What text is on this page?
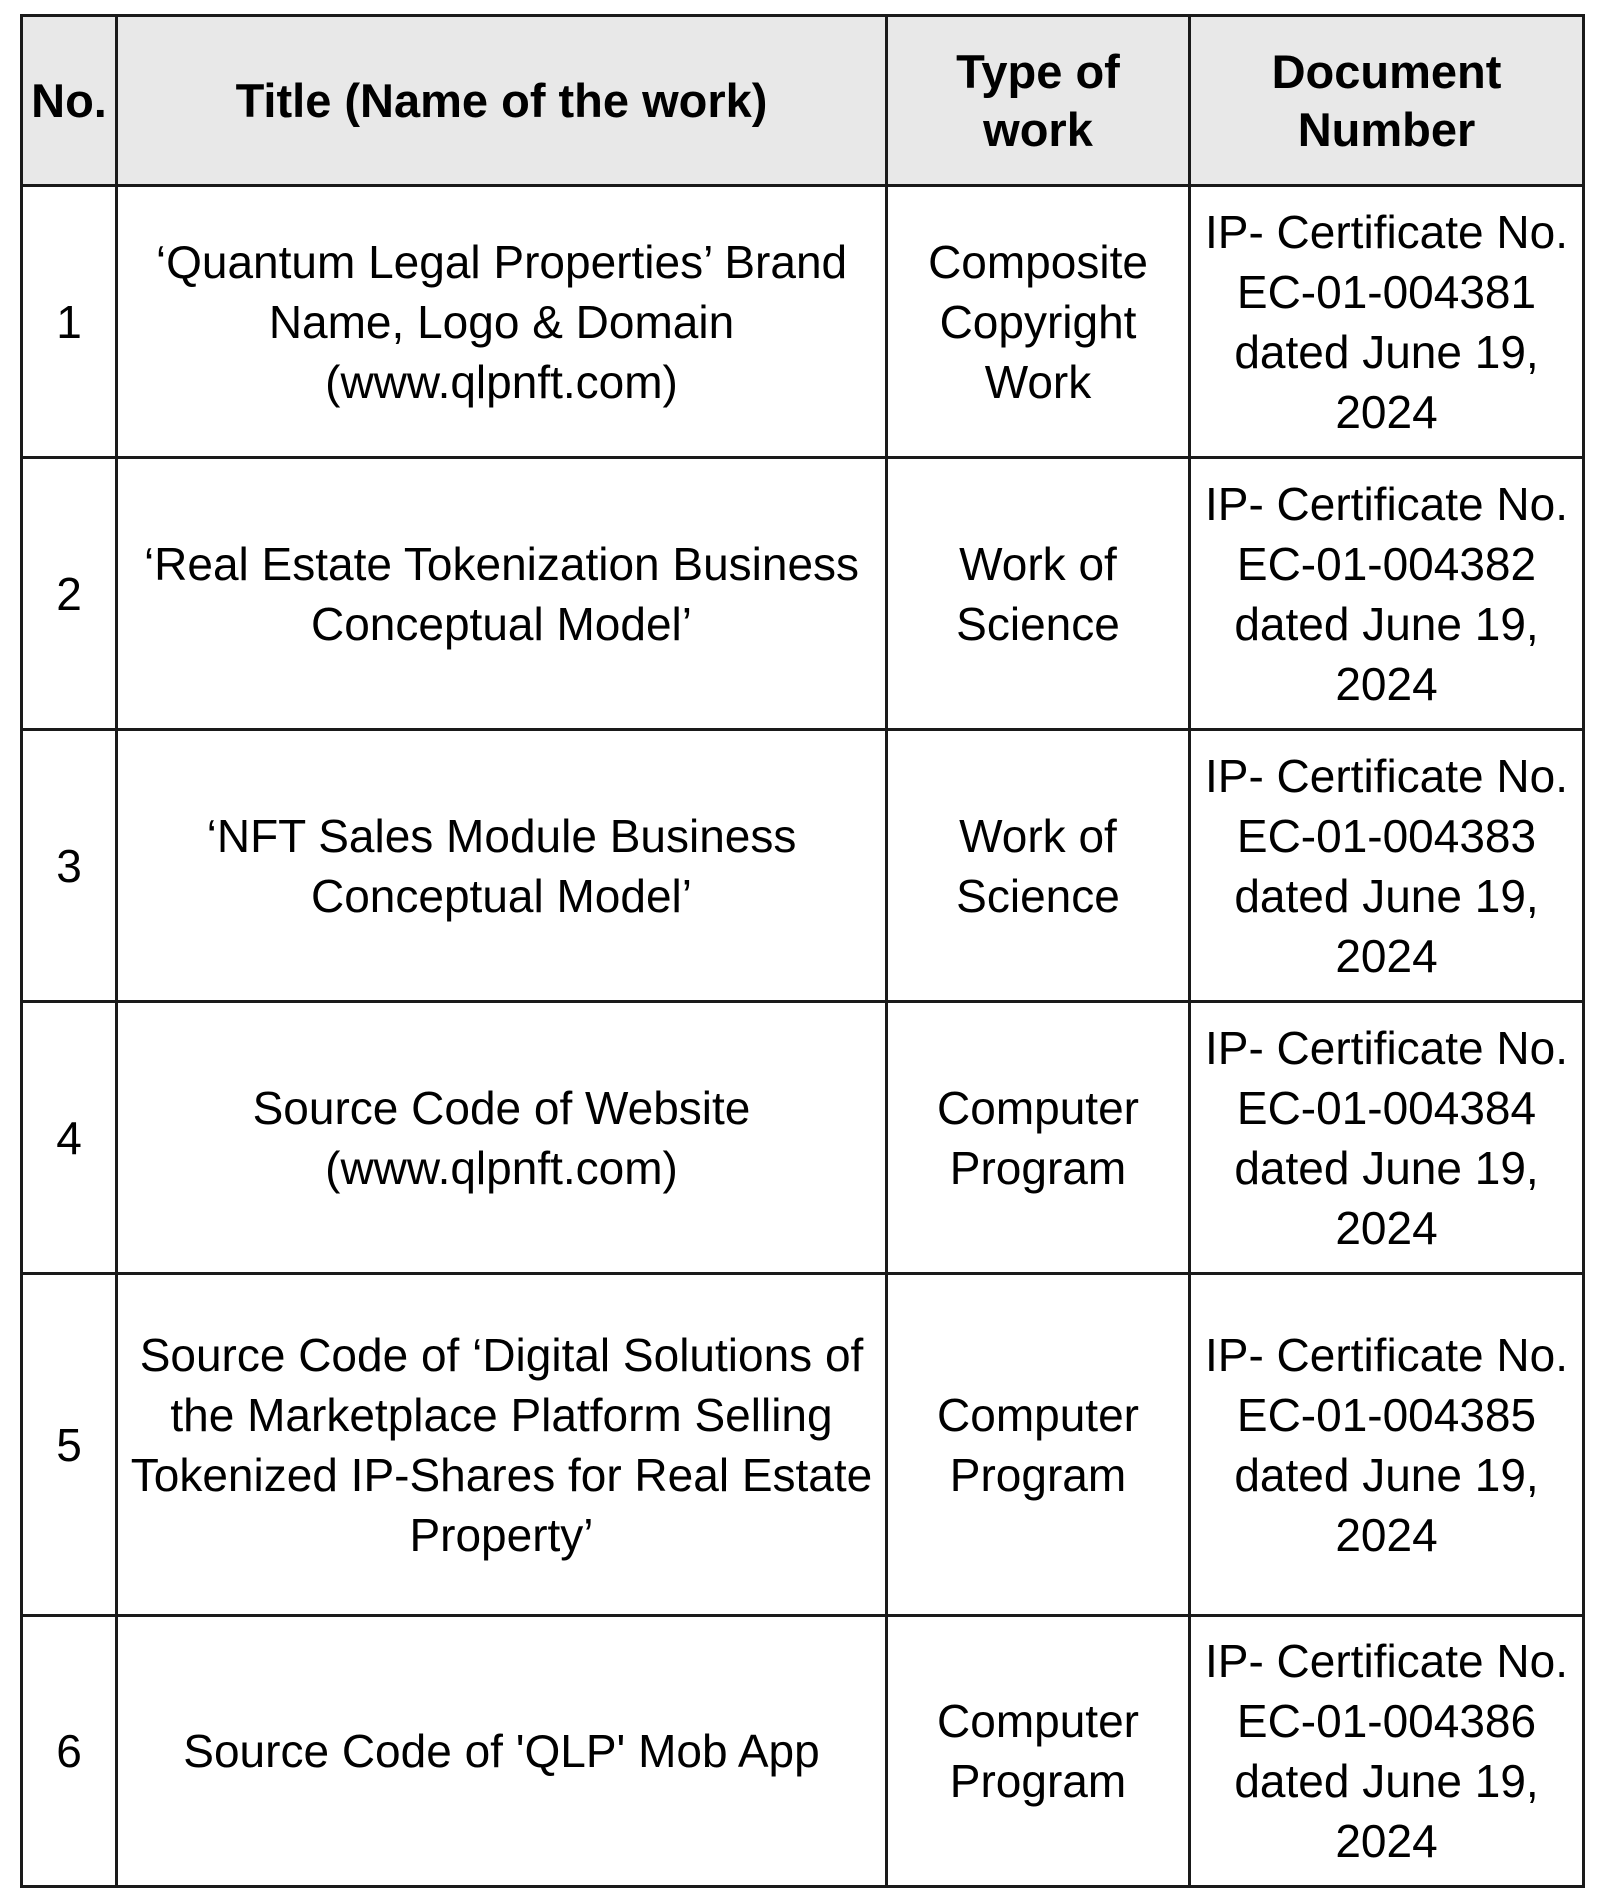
No.	Title (Name of the work)	Type of work	Document Number
1	‘Quantum Legal Properties’ Brand Name, Logo & Domain (www.qlpnft.com)	Composite Copyright Work	IP- Certificate No. EC-01-004381 dated June 19, 2024
2	‘Real Estate Tokenization Business Conceptual Model’	Work of Science	IP- Certificate No. EC-01-004382 dated June 19, 2024
3	‘NFT Sales Module Business Conceptual Model’	Work of Science	IP- Certificate No. EC-01-004383 dated June 19, 2024
4	Source Code of Website (www.qlpnft.com)	Computer Program	IP- Certificate No. EC-01-004384 dated June 19, 2024
5	Source Code of ‘Digital Solutions of the Marketplace Platform Selling Tokenized IP-Shares for Real Estate Property’	Computer Program	IP- Certificate No. EC-01-004385 dated June 19, 2024
6	Source Code of 'QLP' Mob App	Computer Program	IP- Certificate No. EC-01-004386 dated June 19, 2024
